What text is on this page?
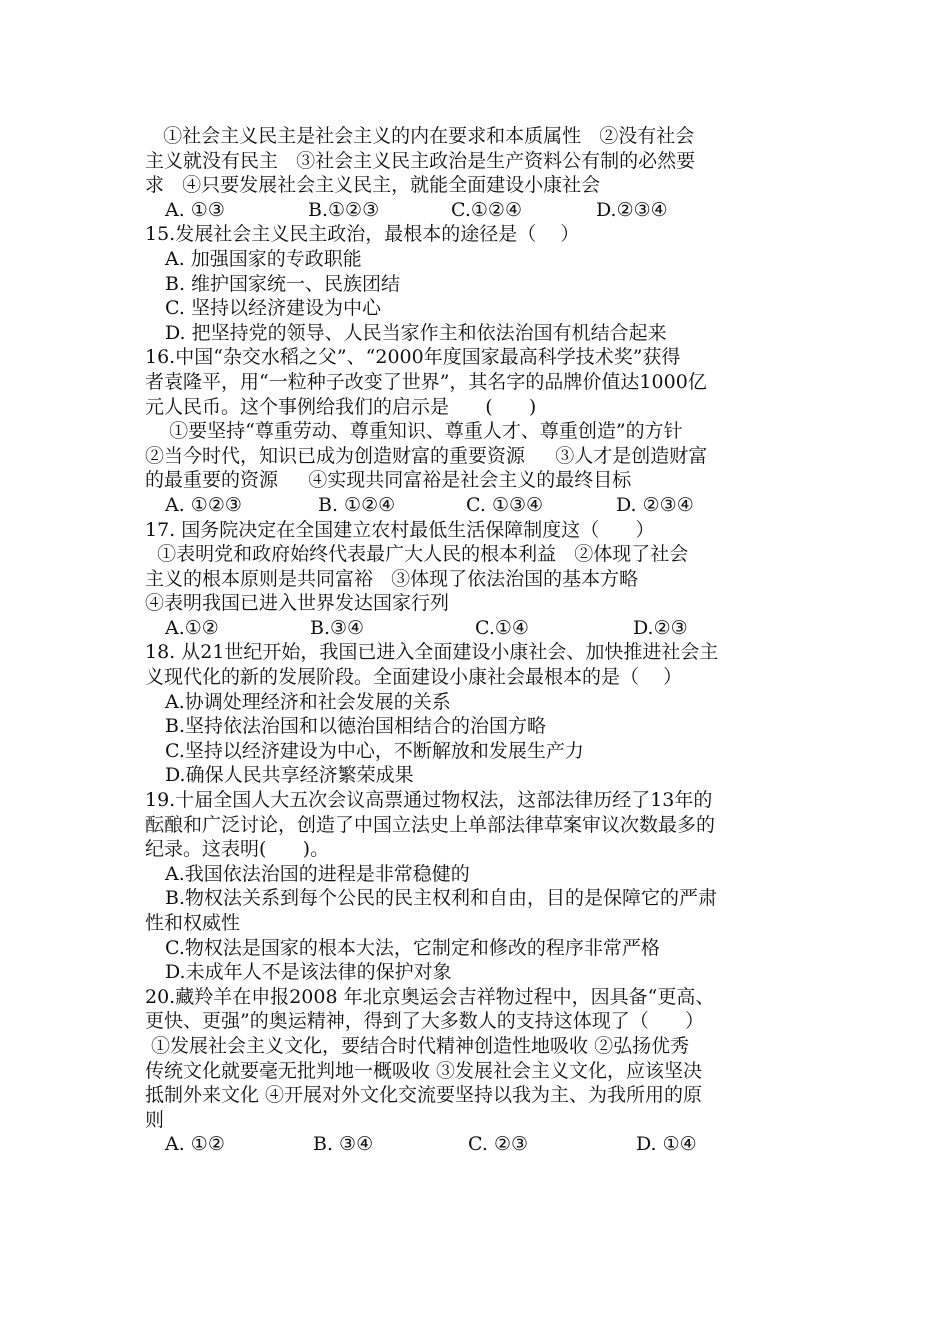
①社会主义民主是社会主义的内在要求和本质属性   ②没有社会
主义就没有民主   ③社会主义民主政治是生产资料公有制的必然要
求   ④只要发展社会主义民主，就能全面建设小康社会
A. ①③	B.①②③	C.①②④	D.②③④
15.发展社会主义民主政治，最根本的途径是（    ）
A. 加强国家的专政职能
B. 维护国家统一、民族团结
C. 坚持以经济建设为中心
D. 把坚持党的领导、人民当家作主和依法治国有机结合起来
16.中国“杂交水稻之父”、“2000年度国家最高科学技术奖”获得
者袁隆平，用“一粒种子改变了世界”，其名字的品牌价值达1000亿
元人民币。这个事例给我们的启示是      (      )
①要坚持“尊重劳动、尊重知识、尊重人才、尊重创造”的方针
②当今时代，知识已成为创造财富的重要资源     ③人才是创造财富
的最重要的资源     ④实现共同富裕是社会主义的最终目标
A. ①②③	B. ①②④	C. ①③④	D. ②③④
17. 国务院决定在全国建立农村最低生活保障制度这（      ）
①表明党和政府始终代表最广大人民的根本利益   ②体现了社会
主义的根本原则是共同富裕   ③体现了依法治国的基本方略
④表明我国已进入世界发达国家行列
A.①②	B.③④	C.①④	D.②③
18. 从21世纪开始，我国已进入全面建设小康社会、加快推进社会主
义现代化的新的发展阶段。全面建设小康社会最根本的是（    ）
A.协调处理经济和社会发展的关系
B.坚持依法治国和以德治国相结合的治国方略
C.坚持以经济建设为中心，不断解放和发展生产力
D.确保人民共享经济繁荣成果
19.十届全国人大五次会议高票通过物权法，这部法律历经了13年的
酝酿和广泛讨论，创造了中国立法史上单部法律草案审议次数最多的
纪录。这表明(      )。
A.我国依法治国的进程是非常稳健的
B.物权法关系到每个公民的民主权利和自由，目的是保障它的严肃
性和权威性
C.物权法是国家的根本大法，它制定和修改的程序非常严格
D.未成年人不是该法律的保护对象
20.藏羚羊在申报2008 年北京奥运会吉祥物过程中，因具备“更高、
更快、更强”的奥运精神，得到了大多数人的支持这体现了（      ）
①发展社会主义文化，要结合时代精神创造性地吸收 ②弘扬优秀
传统文化就要毫无批判地一概吸收 ③发展社会主义文化，应该坚决
抵制外来文化 ④开展对外文化交流要坚持以我为主、为我所用的原
则
A. ①②	B. ③④	C. ②③	D. ①④
